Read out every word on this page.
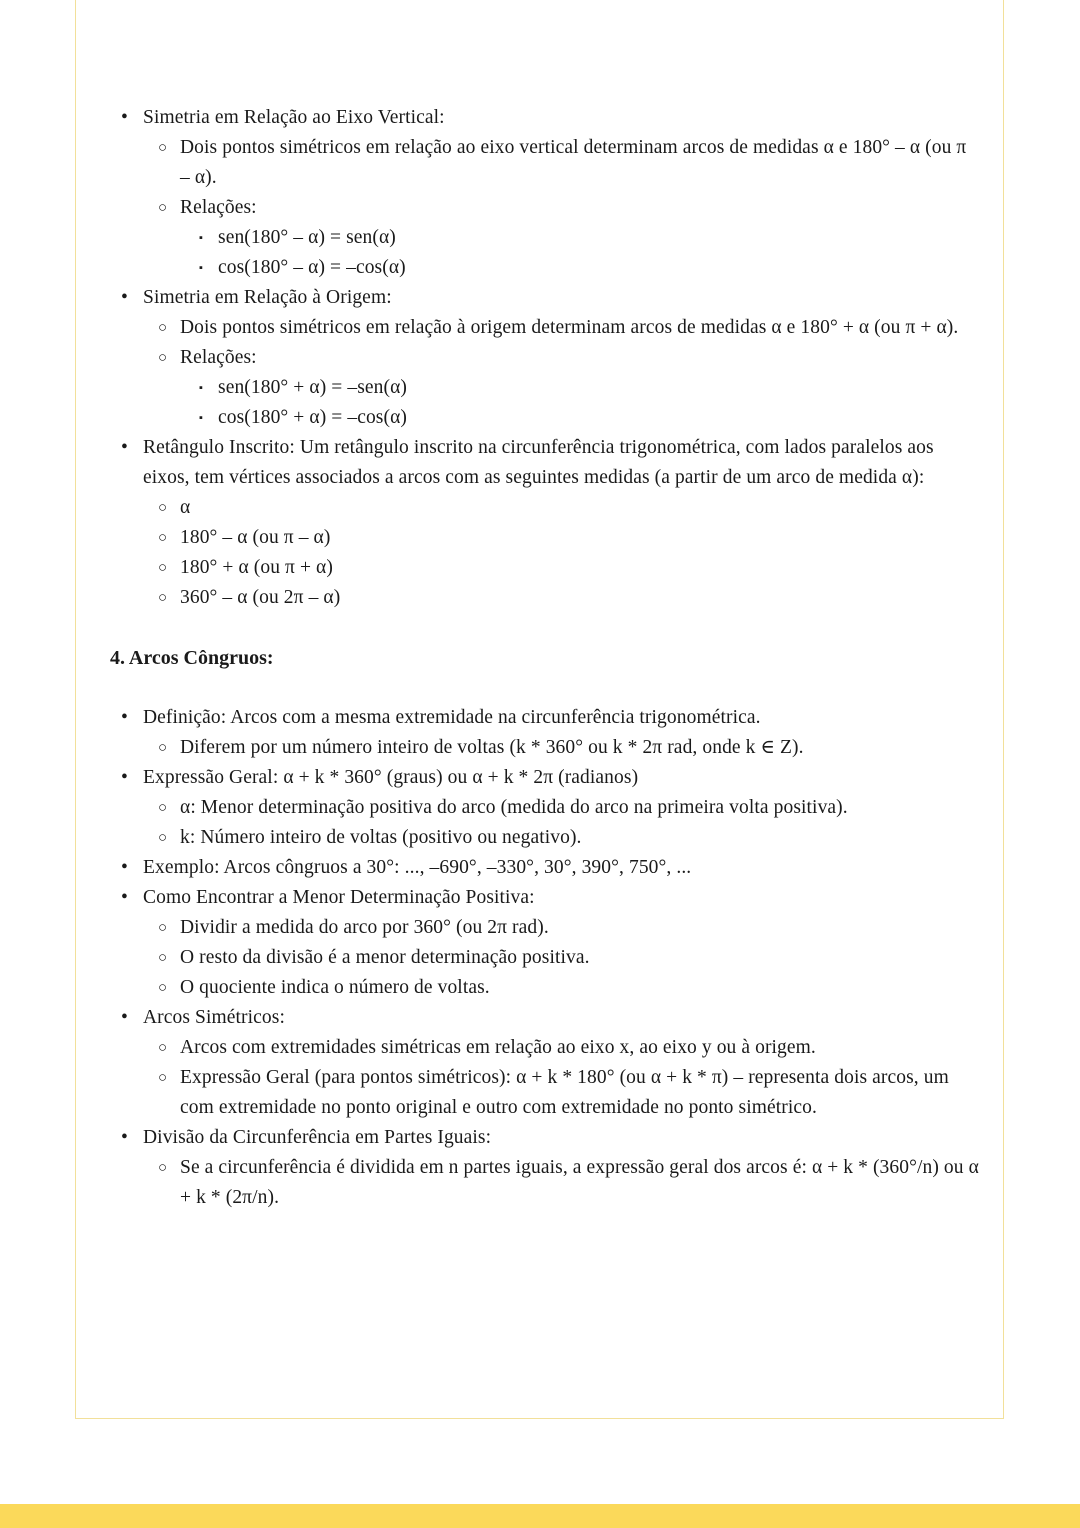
• Simetria em Relação ao Eixo Vertical:
○ Dois pontos simétricos em relação ao eixo vertical determinam arcos de medidas α e 180° – α (ou π – α).
○ Relações:
▪ sen(180° – α) = sen(α)
▪ cos(180° – α) = –cos(α)
• Simetria em Relação à Origem:
○ Dois pontos simétricos em relação à origem determinam arcos de medidas α e 180° + α (ou π + α).
○ Relações:
▪ sen(180° + α) = –sen(α)
▪ cos(180° + α) = –cos(α)
• Retângulo Inscrito: Um retângulo inscrito na circunferência trigonométrica, com lados paralelos aos eixos, tem vértices associados a arcos com as seguintes medidas (a partir de um arco de medida α):
○ α
○ 180° – α (ou π – α)
○ 180° + α (ou π + α)
○ 360° – α (ou 2π – α)
4. Arcos Côngruos:
• Definição: Arcos com a mesma extremidade na circunferência trigonométrica.
○ Diferem por um número inteiro de voltas (k * 360° ou k * 2π rad, onde k ∈ Z).
• Expressão Geral: α + k * 360° (graus) ou α + k * 2π (radianos)
○ α: Menor determinação positiva do arco (medida do arco na primeira volta positiva).
○ k: Número inteiro de voltas (positivo ou negativo).
• Exemplo: Arcos côngruos a 30°: ..., –690°, –330°, 30°, 390°, 750°, ...
• Como Encontrar a Menor Determinação Positiva:
○ Dividir a medida do arco por 360° (ou 2π rad).
○ O resto da divisão é a menor determinação positiva.
○ O quociente indica o número de voltas.
• Arcos Simétricos:
○ Arcos com extremidades simétricas em relação ao eixo x, ao eixo y ou à origem.
○ Expressão Geral (para pontos simétricos): α + k * 180° (ou α + k * π) – representa dois arcos, um com extremidade no ponto original e outro com extremidade no ponto simétrico.
• Divisão da Circunferência em Partes Iguais:
○ Se a circunferência é dividida em n partes iguais, a expressão geral dos arcos é: α + k * (360°/n) ou α + k * (2π/n).
